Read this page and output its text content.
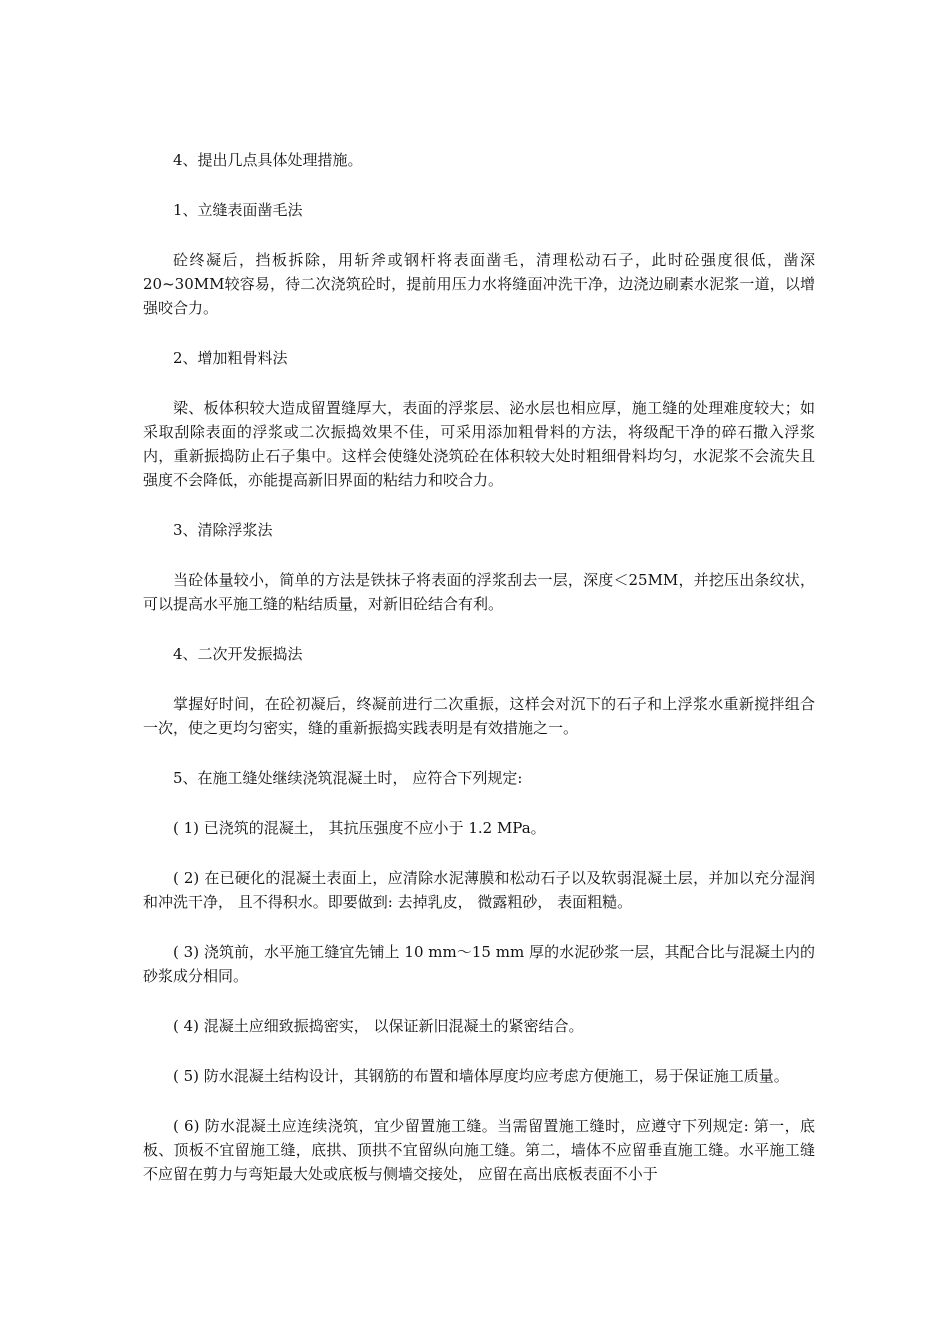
4、提出几点具体处理措施。

1、立缝表面凿毛法

砼终凝后，挡板拆除，用斩斧或钢杆将表面凿毛，清理松动石子，此时砼强度很低，凿深20~30MM较容易，待二次浇筑砼时，提前用压力水将缝面冲洗干净，边浇边刷素水泥浆一道，以增强咬合力。

2、增加粗骨料法

梁、板体积较大造成留置缝厚大，表面的浮浆层、泌水层也相应厚，施工缝的处理难度较大；如采取刮除表面的浮浆或二次振捣效果不佳，可采用添加粗骨料的方法，将级配干净的碎石撒入浮浆内，重新振捣防止石子集中。这样会使缝处浇筑砼在体积较大处时粗细骨料均匀，水泥浆不会流失且强度不会降低，亦能提高新旧界面的粘结力和咬合力。

3、清除浮浆法

当砼体量较小，简单的方法是铁抹子将表面的浮浆刮去一层，深度＜25MM，并挖压出条纹状，可以提高水平施工缝的粘结质量，对新旧砼结合有利。

4、二次开发振捣法

掌握好时间，在砼初凝后，终凝前进行二次重振，这样会对沉下的石子和上浮浆水重新搅拌组合一次，使之更均匀密实，缝的重新振捣实践表明是有效措施之一。

5、在施工缝处继续浇筑混凝土时， 应符合下列规定:

( 1) 已浇筑的混凝土， 其抗压强度不应小于 1.2 MPa。

( 2) 在已硬化的混凝土表面上，应清除水泥薄膜和松动石子以及软弱混凝土层，并加以充分湿润和冲洗干净， 且不得积水。即要做到: 去掉乳皮， 微露粗砂， 表面粗糙。

( 3) 浇筑前，水平施工缝宜先铺上 10 mm～15 mm 厚的水泥砂浆一层，其配合比与混凝土内的砂浆成分相同。

( 4) 混凝土应细致振捣密实， 以保证新旧混凝土的紧密结合。

( 5) 防水混凝土结构设计，其钢筋的布置和墙体厚度均应考虑方便施工，易于保证施工质量。

( 6) 防水混凝土应连续浇筑，宜少留置施工缝。当需留置施工缝时，应遵守下列规定: 第一，底板、顶板不宜留施工缝，底拱、顶拱不宜留纵向施工缝。第二，墙体不应留垂直施工缝。水平施工缝不应留在剪力与弯矩最大处或底板与侧墙交接处， 应留在高出底板表面不小于
